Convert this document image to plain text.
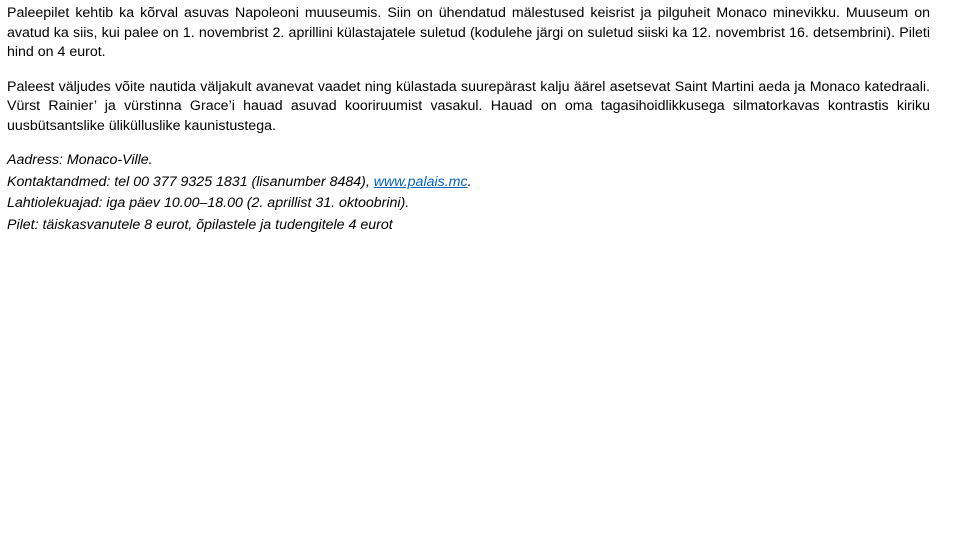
Paleepilet kehtib ka kõrval asuvas Napoleoni muuseumis. Siin on ühendatud mälestused keisrist ja pilguheit Monaco minevikku. Muuseum on avatud ka siis, kui palee on 1. novembrist 2. aprillini külastajatele suletud (kodulehe järgi on suletud siiski ka 12. novembrist 16. detsembrini). Pileti hind on 4 eurot.

Paleest väljudes võite nautida väljakult avanevat vaadet ning külastada suurepärast kalju äärel asetsevat Saint Martini aeda ja Monaco katedraali. Vürst Rainier’ ja vürstinna Grace’i hauad asuvad kooriruumist vasakul. Hauad on oma tagasihoidlikkusega silmatorkavas kontrastis kiriku uusbütsantslike ülikülluslike kaunistustega.

Aadress: Monaco-Ville.
Kontaktandmed: tel 00 377 9325 1831 (lisanumber 8484), www.palais.mc.
Lahtiolekuajad: iga päev 10.00–18.00 (2. aprillist 31. oktoobrini).
Pilet: täiskasvanutele 8 eurot, õpilastele ja tudengitele 4 eurot
